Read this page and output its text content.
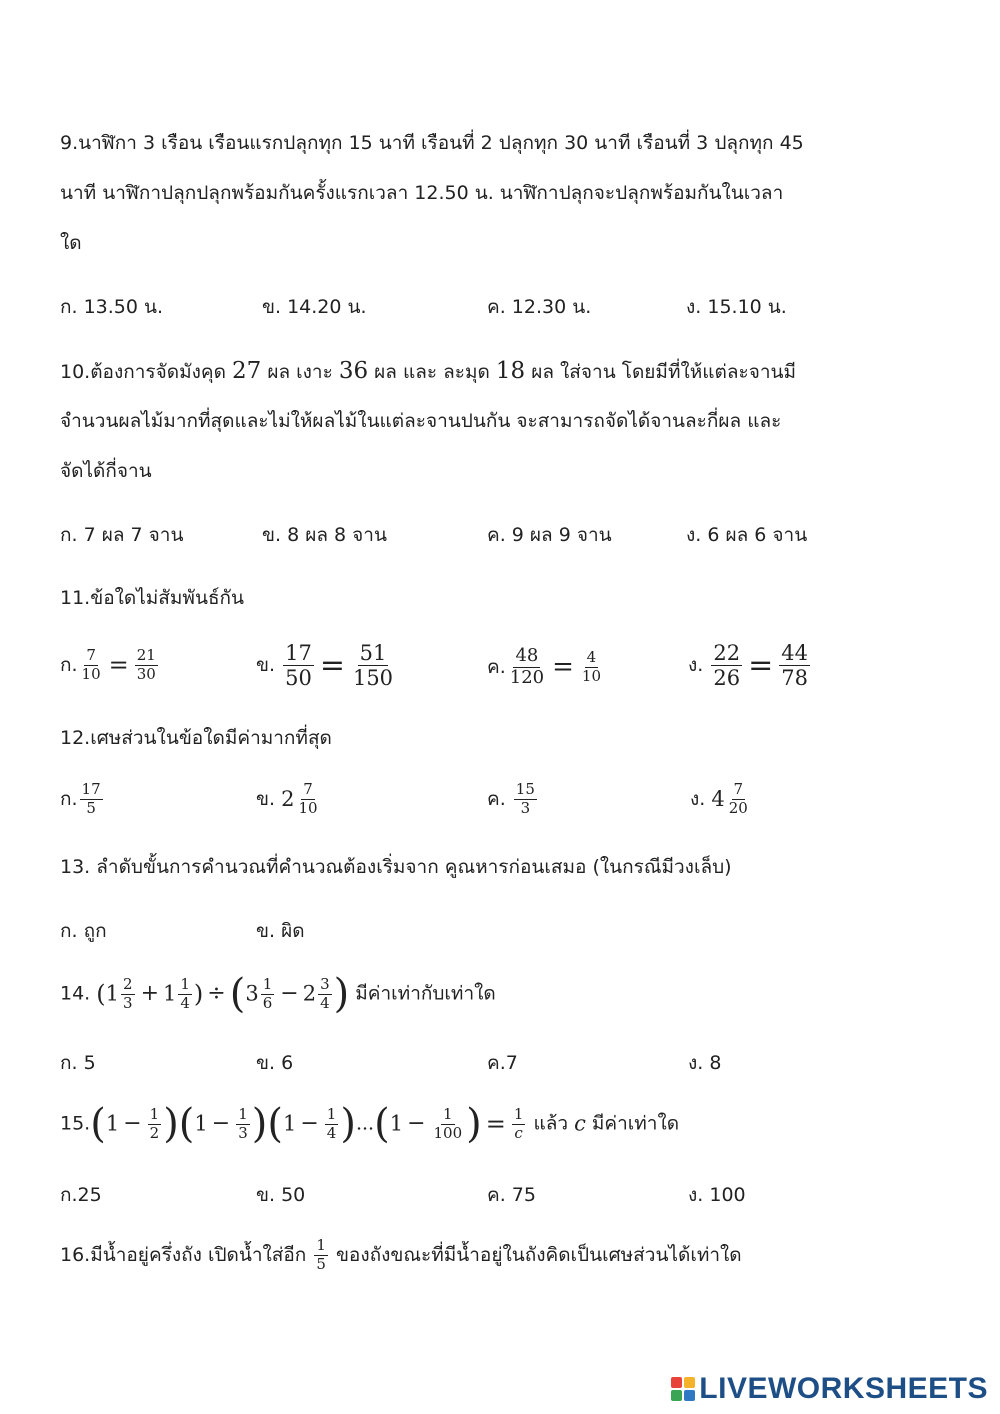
9.นาฬิกา 3 เรือน เรือนแรกปลุกทุก 15 นาที เรือนที่ 2 ปลุกทุก 30 นาที เรือนที่ 3 ปลุกทุก 45
นาที นาฬิกาปลุกปลุกพร้อมกันครั้งแรกเวลา 12.50 น. นาฬิกาปลุกจะปลุกพร้อมกันในเวลา
ใด
ก. 13.50 น.	ข. 14.20 น.	ค. 12.30 น.	ง. 15.10 น.
10.ต้องการจัดมังคุด 27 ผล เงาะ 36 ผล และ ละมุด 18 ผล ใส่จาน โดยมีที่ให้แต่ละจานมี
จำนวนผลไม้มากที่สุดและไม่ให้ผลไม้ในแต่ละจานปนกัน จะสามารถจัดได้จานละกี่ผล และ
จัดได้กี่จาน
ก. 7 ผล 7 จาน	ข. 8 ผล 8 จาน	ค. 9 ผล 9 จาน	ง. 6 ผล 6 จาน
11.ข้อใดไม่สัมพันธ์กัน
ก. $\frac{7}{10} = \frac{21}{30}$	ข. $\frac{17}{50} = \frac{51}{150}$	ค. $\frac{48}{120} = \frac{4}{10}$	ง. $\frac{22}{26} = \frac{44}{78}$
12.เศษส่วนในข้อใดมีค่ามากที่สุด
ก. $\frac{17}{5}$	ข. $2 \frac{7}{10}$	ค. $\frac{15}{3}$	ง. $4 \frac{7}{20}$
13. ลำดับขั้นการคำนวณที่คำนวณต้องเริ่มจาก คูณหารก่อนเสมอ (ในกรณีมีวงเล็บ)
ก. ถูก	ข. ผิด
14. ($1 \frac{2}{3} + 1 \frac{1}{4}$ ) ÷ ($3 \frac{1}{6} - 2 \frac{3}{4}$ ) มีค่าเท่ากับเท่าใด
ก. 5	ข. 6	ค.7	ง. 8
$15.(1 - \frac{1}{2} )(1 - \frac{1}{3} )(1 - \frac{1}{4} )...(1 - \frac{1}{100}$ ) = $\frac{1}{c}$ แล้ว c มีค่าเท่าใด
ก.25	ข. 50	ค. 75	ง. 100
16.มีน้ำอยู่ครึ่งถัง เปิดน้ำใส่อีก $\frac{1}{5}$ ของถังขณะที่มีน้ำอยู่ในถังคิดเป็นเศษส่วนได้เท่าใด
LIVEWORKSHEETS
